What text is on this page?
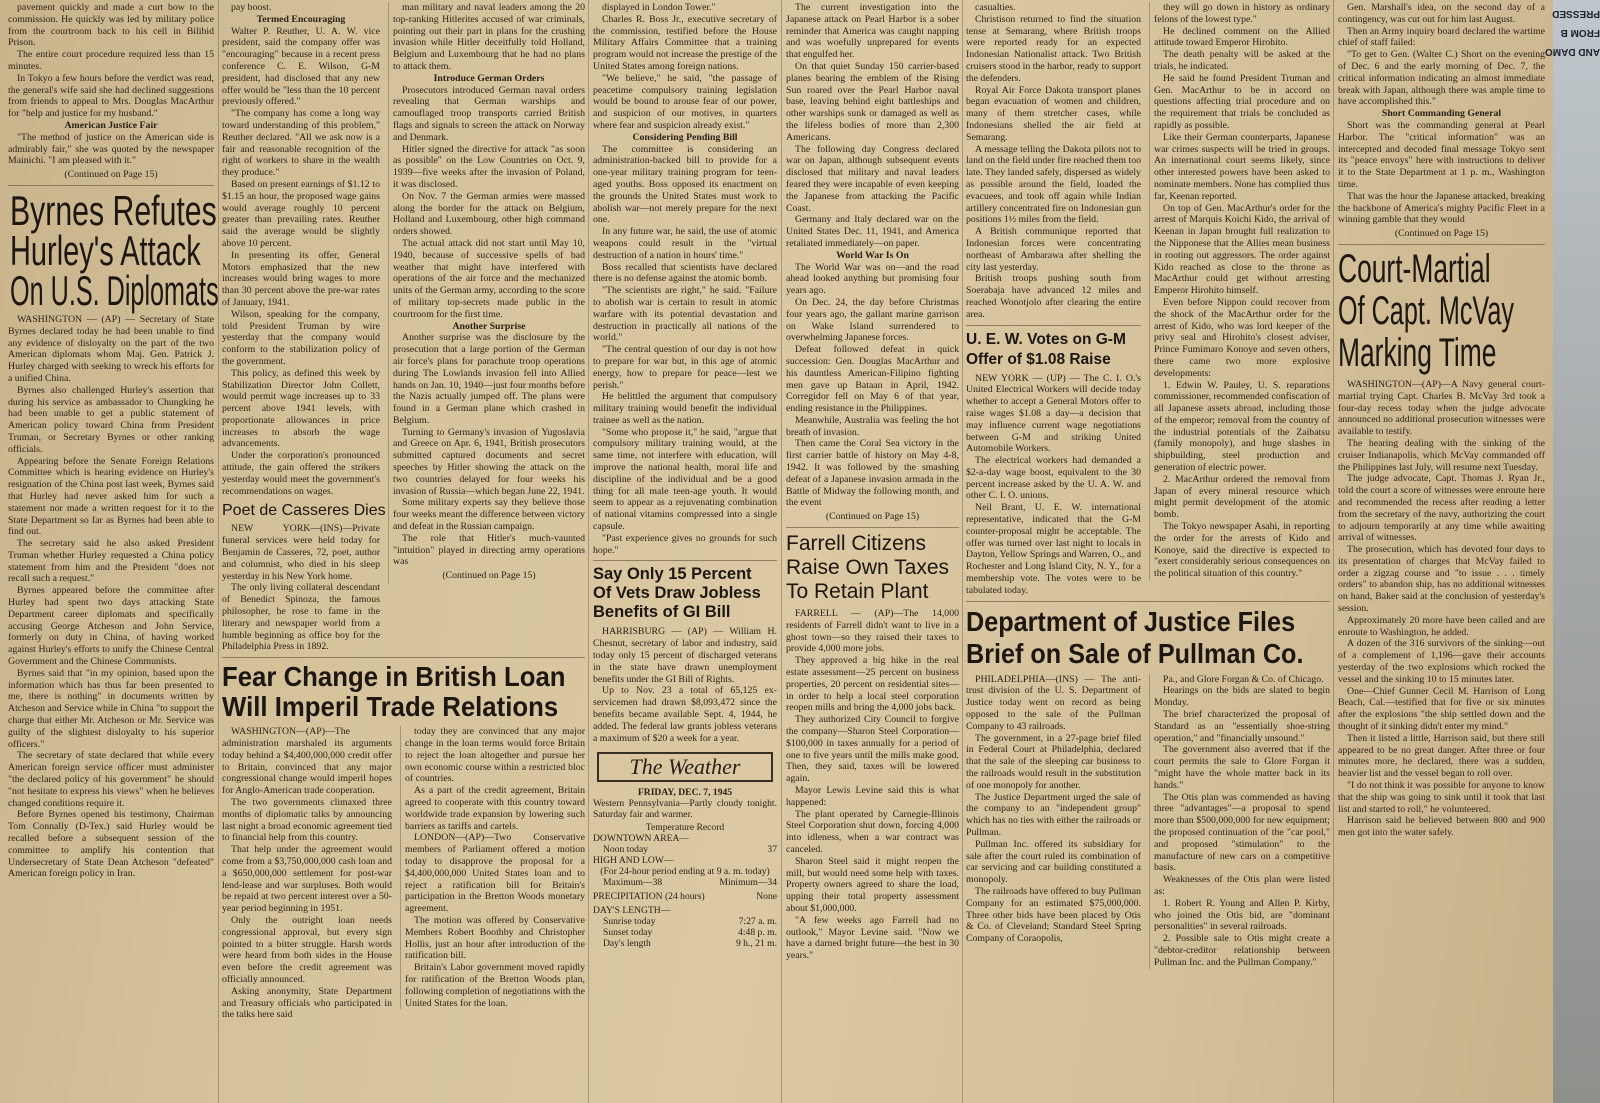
PRESSED
FROM B
AND DAMO

pavement quickly and made a curt bow to the commission. He quickly was led by military police from the courtroom back to his cell in Bilibid Prison.

The entire court procedure required less than 15 minutes.

In Tokyo a few hours before the verdict was read, the general's wife said she had declined suggestions from friends to appeal to Mrs. Douglas MacArthur for "help and justice for my husband."

American Justice Fair

"The method of justice on the American side is admirably fair," she was quoted by the newspaper Mainichi. "I am pleased with it."

(Continued on Page 15)

Byrnes Refutes
Hurley's Attack
On U.S. Diplomats

WASHINGTON — (AP) — Secretary of State Byrnes declared today he had been unable to find any evidence of disloyalty on the part of the two American diplomats whom Maj. Gen. Patrick J. Hurley charged with seeking to wreck his efforts for a unified China.

Byrnes also challenged Hurley's assertion that during his service as ambassador to Chungking he had been unable to get a public statement of American policy toward China from President Truman, or Secretary Byrnes or other ranking officials.

Appearing before the Senate Foreign Relations Committee which is hearing evidence on Hurley's resignation of the China post last week, Byrnes said that Hurley had never asked him for such a statement nor made a written request for it to the State Department so far as Byrnes had been able to find out.

The secretary said he also asked President Truman whether Hurley requested a China policy statement from him and the President "does not recall such a request."

Byrnes appeared before the committee after Hurley had spent two days attacking State Department career diplomats and specifically accusing George Atcheson and John Service, formerly on duty in China, of having worked against Hurley's efforts to unify the Chinese Central Government and the Chinese Communists.

Byrnes said that "in my opinion, based upon the information which has thus far been presented to me, there is nothing" in documents written by Atcheson and Service while in China "to support the charge that either Mr. Atcheson or Mr. Service was guilty of the slightest disloyalty to his superior officers."

The secretary of state declared that while every American foreign service officer must administer "the declared policy of his government" he should "not hesitate to express his views" when he believes changed conditions require it.

Before Byrnes opened his testimony, Chairman Tom Connally (D-Tex.) said Hurley would be recalled before a subsequent session of the committee to amplify his contention that Undersecretary of State Dean Atcheson "defeated" American foreign policy in Iran.

pay boost.

Termed Encouraging

Walter P. Reuther, U. A. W. vice president, said the company offer was "encouraging" because in a recent press conference C. E. Wilson, G-M president, had disclosed that any new offer would be "less than the 10 percent previously offered."

"The company has come a long way toward understanding of this problem," Reuther declared. "All we ask now is a fair and reasonable recognition of the right of workers to share in the wealth they produce."

Based on present earnings of $1.12 to $1.15 an hour, the proposed wage gains would average roughly 10 percent greater than prevailing rates. Reuther said the average would be slightly above 10 percent.

In presenting its offer, General Motors emphasized that the new increases would bring wages to more than 30 percent above the pre-war rates of January, 1941.

Wilson, speaking for the company, told President Truman by wire yesterday that the company would conform to the stabilization policy of the government.

This policy, as defined this week by Stabilization Director John Collett, would permit wage increases up to 33 percent above 1941 levels, with proportionate allowances in price increases to absorb the wage advancements.

Under the corporation's pronounced attitude, the gain offered the strikers yesterday would meet the government's recommendations on wages.

Poet de Casseres Dies

NEW YORK—(INS)—Private funeral services were held today for Benjamin de Casseres, 72, poet, author and columnist, who died in his sleep yesterday in his New York home.

The only living collateral descendant of Benedict Spinoza, the famous philosopher, he rose to fame in the literary and newspaper world from a humble beginning as office boy for the Philadelphia Press in 1892.

man military and naval leaders among the 20 top-ranking Hitlerites accused of war criminals, pointing out their part in plans for the crushing invasion while Hitler deceitfully told Holland, Belgium and Luxembourg that he had no plans to attack them.

Introduce German Orders

Prosecutors introduced German naval orders revealing that German warships and camouflaged troop transports carried British flags and signals to screen the attack on Norway and Denmark.

Hitler signed the directive for attack "as soon as possible" on the Low Countries on Oct. 9, 1939—five weeks after the invasion of Poland, it was disclosed.

On Nov. 7 the German armies were massed along the border for the attack on Belgium, Holland and Luxembourg, other high command orders showed.

The actual attack did not start until May 10, 1940, because of successive spells of bad weather that might have interfered with operations of the air force and the mechanized units of the German army, according to the score of military top-secrets made public in the courtroom for the first time.

Another Surprise

Another surprise was the disclosure by the prosecution that a large portion of the German air force's plans for parachute troop operations during The Lowlands invasion fell into Allied hands on Jan. 10, 1940—just four months before the Nazis actually jumped off. The plans were found in a German plane which crashed in Belgium.

Turning to Germany's invasion of Yugoslavia and Greece on Apr. 6, 1941, British prosecutors submitted captured documents and secret speeches by Hitler showing the attack on the two countries delayed for four weeks his invasion of Russia—which began June 22, 1941.

Some military experts say they believe those four weeks meant the difference between victory and defeat in the Russian campaign.

The role that Hitler's much-vaunted "intuition" played in directing army operations was

(Continued on Page 15)

Fear Change in British Loan
Will Imperil Trade Relations

WASHINGTON—(AP)—The administration marshaled its arguments today behind a $4,400,000,000 credit offer to Britain, convinced that any major congressional change would imperil hopes for Anglo-American trade cooperation.

The two governments climaxed three months of diplomatic talks by announcing last night a broad economic agreement tied to financial help from this country.

That help under the agreement would come from a $3,750,000,000 cash loan and a $650,000,000 settlement for post-war lend-lease and war surpluses. Both would be repaid at two percent interest over a 50-year period beginning in 1951.

Only the outright loan needs congressional approval, but every sign pointed to a bitter struggle. Harsh words were heard from both sides in the House even before the credit agreement was officially announced.

Asking anonymity, State Department and Treasury officials who participated in the talks here said

today they are convinced that any major change in the loan terms would force Britain to reject the loan altogether and pursue her own economic course within a restricted bloc of countries.

As a part of the credit agreement, Britain agreed to cooperate with this country toward worldwide trade expansion by lowering such barriers as tariffs and cartels.

LONDON—(AP)—Two Conservative members of Parliament offered a motion today to disapprove the proposal for a $4,400,000,000 United States loan and to reject a ratification bill for Britain's participation in the Bretton Woods monetary agreement.

The motion was offered by Conservative Members Robert Boothby and Christopher Hollis, just an hour after introduction of the ratification bill.

Britain's Labor government moved rapidly for ratification of the Bretton Woods plan, following completion of negotiations with the United States for the loan.

displayed in London Tower."

Charles R. Boss Jr., executive secretary of the commission, testified before the House Military Affairs Committee that a training program would not increase the prestige of the United States among foreign nations.

"We believe," he said, "the passage of peacetime compulsory training legislation would be bound to arouse fear of our power, and suspicion of our motives, in quarters where fear and suspicion already exist."

Considering Pending Bill

The committee is considering an administration-backed bill to provide for a one-year military training program for teen-aged youths. Boss opposed its enactment on the grounds the United States must work to abolish war—not merely prepare for the next one.

In any future war, he said, the use of atomic weapons could result in the "virtual destruction of a nation in hours' time."

Boss recalled that scientists have declared there is no defense against the atomic bomb.

"The scientists are right," he said. "Failure to abolish war is certain to result in atomic warfare with its potential devastation and destruction in practically all nations of the world."

"The central question of our day is not how to prepare for war but, in this age of atomic energy, how to prepare for peace—lest we perish."

He belittled the argument that compulsory military training would benefit the individual trainee as well as the nation.

"Some who propose it," he said, "argue that compulsory military training would, at the same time, not interfere with education, will improve the national health, moral life and discipline of the individual and be a good thing for all male teen-age youth. It would seem to appear as a rejuvenating combination of national vitamins compressed into a single capsule.

"Past experience gives no grounds for such hope."

Say Only 15 Percent
Of Vets Draw Jobless
Benefits of GI Bill

HARRISBURG — (AP) — William H. Chesnut, secretary of labor and industry, said today only 15 percent of discharged veterans in the state have drawn unemployment benefits under the GI Bill of Rights.

Up to Nov. 23 a total of 65,125 ex-servicemen had drawn $8,093,472 since the benefits became available Sept. 4, 1944, he added. The federal law grants jobless veterans a maximum of $20 a week for a year.

The Weather
FRIDAY, DEC. 7, 1945
Western Pennsylvania—Partly cloudy tonight. Saturday fair and warmer.
Temperature Record
DOWNTOWN AREA—
Noon today	37
HIGH AND LOW—
(For 24-hour period ending at 9 a. m. today)
Maximum—38	Minimum—34
PRECIPITATION (24 hours)	None
DAY'S LENGTH—
Sunrise today	7:27 a. m.
Sunset today	4:48 p. m.
Day's length	9 h., 21 m.

The current investigation into the Japanese attack on Pearl Harbor is a sober reminder that America was caught napping and was woefully unprepared for events that engulfed her.

On that quiet Sunday 150 carrier-based planes bearing the emblem of the Rising Sun roared over the Pearl Harbor naval base, leaving behind eight battleships and other warships sunk or damaged as well as the lifeless bodies of more than 2,300 Americans.

The following day Congress declared war on Japan, although subsequent events disclosed that military and naval leaders feared they were incapable of even keeping the Japanese from attacking the Pacific Coast.

Germany and Italy declared war on the United States Dec. 11, 1941, and America retaliated immediately—on paper.

World War Is On

The World War was on—and the road ahead looked anything but promising four years ago.

On Dec. 24, the day before Christmas four years ago, the gallant marine garrison on Wake Island surrendered to overwhelming Japanese forces.

Defeat followed defeat in quick succession: Gen. Douglas MacArthur and his dauntless American-Filipino fighting men gave up Bataan in April, 1942. Corregidor fell on May 6 of that year, ending resistance in the Philippines.

Meanwhile, Australia was feeling the hot breath of invasion.

Then came the Coral Sea victory in the first carrier battle of history on May 4-8, 1942. It was followed by the smashing defeat of a Japanese invasion armada in the Battle of Midway the following month, and the event

(Continued on Page 15)

Farrell Citizens
Raise Own Taxes
To Retain Plant

FARRELL — (AP)—The 14,000 residents of Farrell didn't want to live in a ghost town—so they raised their taxes to provide 4,000 more jobs.

They approved a big hike in the real estate assessment—25 percent on business properties, 20 percent on residential sites—in order to help a local steel corporation reopen mills and bring the 4,000 jobs back.

They authorized City Council to forgive the company—Sharon Steel Corporation—$100,000 in taxes annually for a period of one to five years until the mills make good. Then, they said, taxes will be lowered again.

Mayor Lewis Levine said this is what happened:

The plant operated by Carnegie-Illinois Steel Corporation shut down, forcing 4,000 into idleness, when a war contract was canceled.

Sharon Steel said it might reopen the mill, but would need some help with taxes. Property owners agreed to share the load, upping their total property assessment about $1,000,000.

"A few weeks ago Farrell had no outlook," Mayor Levine said. "Now we have a darned bright future—the best in 30 years."

casualties.

Christison returned to find the situation tense at Semarang, where British troops were reported ready for an expected Indonesian Nationalist attack. Two British cruisers stood in the harbor, ready to support the defenders.

Royal Air Force Dakota transport planes began evacuation of women and children, many of them stretcher cases, while Indonesians shelled the air field at Semarang.

A message telling the Dakota pilots not to land on the field under fire reached them too late. They landed safely, dispersed as widely as possible around the field, loaded the evacuees, and took off again while Indian artillery concentrated fire on Indonesian gun positions 1½ miles from the field.

A British communique reported that Indonesian forces were concentrating northeast of Ambarawa after shelling the city last yesterday.

British troops pushing south from Soerabaja have advanced 12 miles and reached Wonotjolo after clearing the entire area.

U. E. W. Votes on G-M
Offer of $1.08 Raise

NEW YORK — (UP) — The C. I. O.'s United Electrical Workers will decide today whether to accept a General Motors offer to raise wages $1.08 a day—a decision that may influence current wage negotiations between G-M and striking United Automobile Workers.

The electrical workers had demanded a $2-a-day wage boost, equivalent to the 30 percent increase asked by the U. A. W. and other C. I. O. unions.

Neil Brant, U. E. W. international representative, indicated that the G-M counter-proposal might be acceptable. The offer was turned over last night to locals in Dayton, Yellow Springs and Warren, O., and Rochester and Long Island City, N. Y., for a membership vote. The votes were to be tabulated today.

they will go down in history as ordinary felons of the lowest type."

He declined comment on the Allied attitude toward Emperor Hirohito.

The death penalty will be asked at the trials, he indicated.

He said he found President Truman and Gen. MacArthur to be in accord on questions affecting trial procedure and on the requirement that trials be concluded as rapidly as possible.

Like their German counterparts, Japanese war crimes suspects will be tried in groups. An international court seems likely, since other interested powers have been asked to nominate members. None has complied thus far, Keenan reported.

On top of Gen. MacArthur's order for the arrest of Marquis Koichi Kido, the arrival of Keenan in Japan brought full realization to the Nipponese that the Allies mean business in rooting out aggressors. The order against Kido reached as close to the throne as MacArthur could get without arresting Emperor Hirohito himself.

Even before Nippon could recover from the shock of the MacArthur order for the arrest of Kido, who was lord keeper of the privy seal and Hirohito's closest adviser, Prince Fumimaro Konoye and seven others, there came two more explosive developments:

1. Edwin W. Pauley, U. S. reparations commissioner, recommended confiscation of all Japanese assets abroad, including those of the emperor; removal from the country of the industrial potentials of the Zaibatsu (family monopoly), and huge slashes in shipbuilding, steel production and generation of electric power.

2. MacArthur ordered the removal from Japan of every mineral resource which might permit development of the atomic bomb.

The Tokyo newspaper Asahi, in reporting the order for the arrests of Kido and Konoye, said the directive is expected to "exert considerably serious consequences on the political situation of this country."

Department of Justice Files
Brief on Sale of Pullman Co.

PHILADELPHIA—(INS) — The anti-trust division of the U. S. Department of Justice today went on record as being opposed to the sale of the Pullman Company to 43 railroads.

The government, in a 27-page brief filed in Federal Court at Philadelphia, declared that the sale of the sleeping car business to the railroads would result in the substitution of one monopoly for another.

The Justice Department urged the sale of the company to an "independent group" which has no ties with either the railroads or Pullman.

Pullman Inc. offered its subsidiary for sale after the court ruled its combination of car servicing and car building constituted a monopoly.

The railroads have offered to buy Pullman Company for an estimated $75,000,000. Three other bids have been placed by Otis & Co. of Cleveland; Standard Steel Spring Company of Coraopolis,

Pa., and Glore Forgan & Co. of Chicago.

Hearings on the bids are slated to begin Monday.

The brief characterized the proposal of Standard as an "essentially shoe-string operation," and "financially unsound."

The government also averred that if the court permits the sale to Glore Forgan it "might have the whole matter back in its hands."

The Otis plan was commended as having three "advantages"—a proposal to spend more than $500,000,000 for new equipment; the proposed continuation of the "car pool," and proposed "stimulation" to the manufacture of new cars on a competitive basis.

Weaknesses of the Otis plan were listed as:

1. Robert R. Young and Allen P. Kirby, who joined the Otis bid, are "dominant personalities" in several railroads.

2. Possible sale to Otis might create a "debtor-creditor relationship between Pullman Inc. and the Pullman Company."

Gen. Marshall's idea, on the second day of a contingency, was cut out for him last August.

Then an Army inquiry board declared the wartime chief of staff failed:

"To get to Gen. (Walter C.) Short on the evening of Dec. 6 and the early morning of Dec. 7, the critical information indicating an almost immediate break with Japan, although there was ample time to have accomplished this."

Short Commanding General

Short was the commanding general at Pearl Harbor. The "critical information" was an intercepted and decoded final message Tokyo sent its "peace envoys" here with instructions to deliver it to the State Department at 1 p. m., Washington time.

That was the hour the Japanese attacked, breaking the backbone of America's mighty Pacific Fleet in a winning gamble that they would

(Continued on Page 15)

Court-Martial
Of Capt. McVay
Marking Time

WASHINGTON—(AP)—A Navy general court-martial trying Capt. Charles B. McVay 3rd took a four-day recess today when the judge advocate announced no additional prosecution witnesses were available to testify.

The hearing dealing with the sinking of the cruiser Indianapolis, which McVay commanded off the Philippines last July, will resume next Tuesday.

The judge advocate, Capt. Thomas J. Ryan Jr., told the court a score of witnesses were enroute here and recommended the recess after reading a letter from the secretary of the navy, authorizing the court to adjourn temporarily at any time while awaiting arrival of witnesses.

The prosecution, which has devoted four days to its presentation of charges that McVay failed to order a zigzag course and "to issue . . . timely orders" to abandon ship, has no additional witnesses on hand, Baker said at the conclusion of yesterday's session.

Approximately 20 more have been called and are enroute to Washington, he added.

A dozen of the 316 survivors of the sinking—out of a complement of 1,196—gave their accounts yesterday of the two explosions which rocked the vessel and the sinking 10 to 15 minutes later.

One—Chief Gunner Cecil M. Harrison of Long Beach, Cal.—testified that for five or six minutes after the explosions "the ship settled down and the thought of it sinking didn't enter my mind."

Then it listed a little, Harrison said, but there still appeared to be no great danger. After three or four minutes more, he declared, there was a sudden, heavier list and the vessel began to roll over.

"I do not think it was possible for anyone to know that the ship was going to sink until it took that last list and started to roll," he volunteered.

Harrison said he believed between 800 and 900 men got into the water safely.
